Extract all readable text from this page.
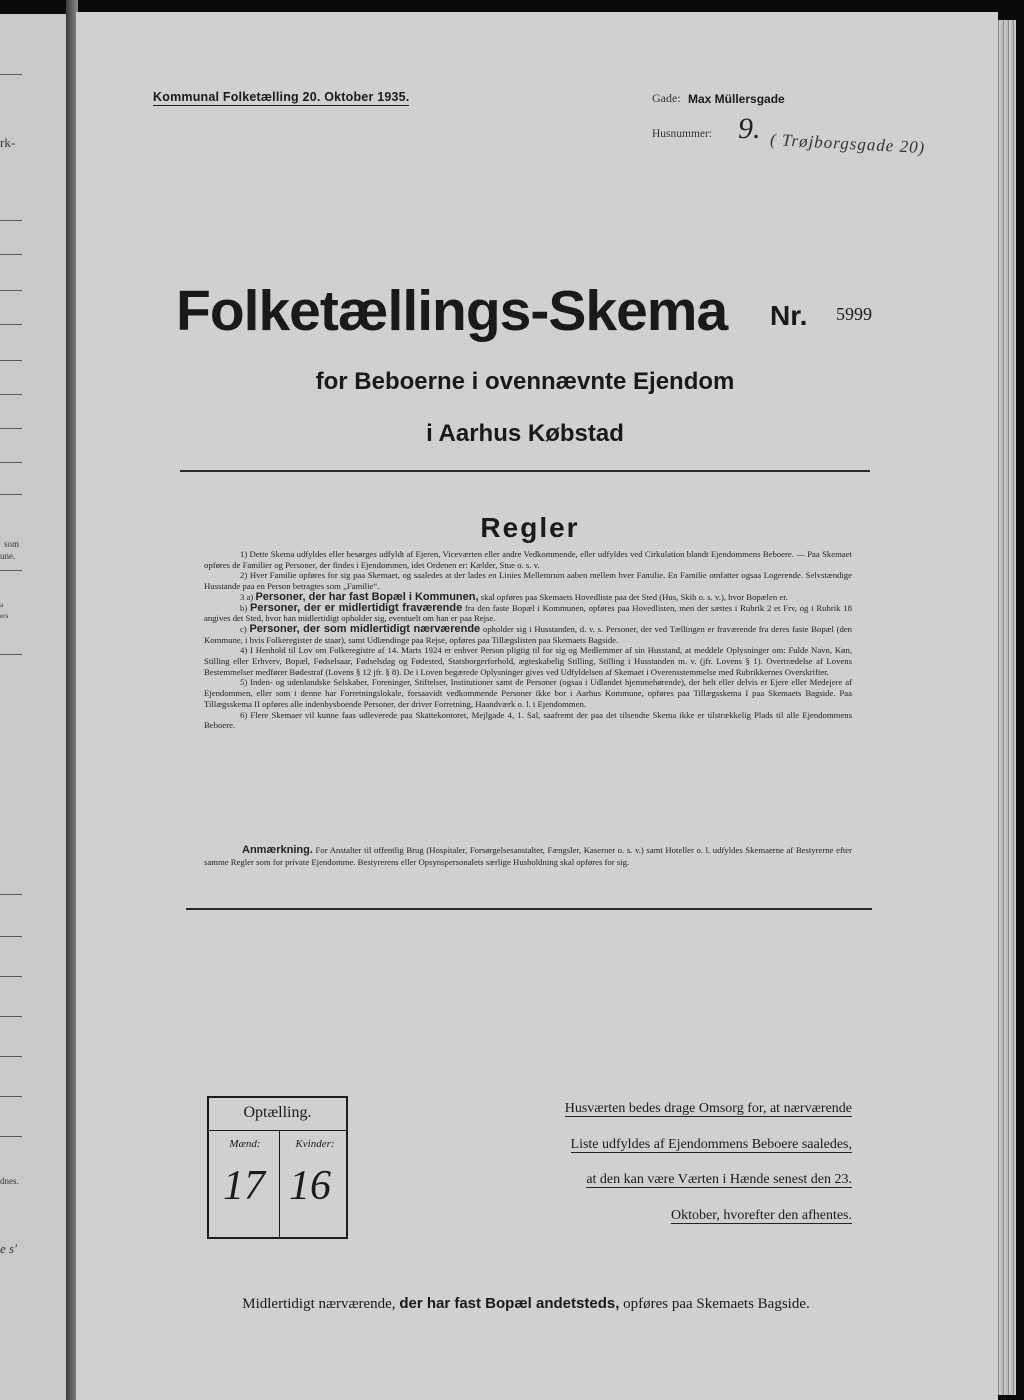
rk-
som
une.
a
ers
dnes.
e s'
Kommunal Folketælling 20. Oktober 1935.	Gade: Max Müllersgade
Husnummer: 9. ( Trøjborgsgade 20)
Folketællings-Skema Nr. 5999
for Beboerne i ovennævnte Ejendom
i Aarhus Købstad
Regler

1) Dette Skema udfyldes eller besørges udfyldt af Ejeren, Viceværten eller andre Vedkommende, eller udfyldes ved Cirkulation blandt Ejendommens Beboere. — Paa Skemaet opføres de Familier og Personer, der findes i Ejendommen, idet Ordenen er: Kælder, Stue o. s. v.

2) Hver Familie opføres for sig paa Skemaet, og saaledes at der lades en Linies Mellemrum aaben mellem hver Familie. En Familie omfatter ogsaa Logerende. Selvstændige Husstande paa en Person betragtes som „Familie“.

3 a) Personer, der har fast Bopæl i Kommunen, skal opføres paa Skemaets Hovedliste paa det Sted (Hus, Skib o. s. v.), hvor Bopælen er.

b) Personer, der er midlertidigt fraværende fra den faste Bopæl i Kommunen, opføres paa Hovedlisten, men der sættes i Rubrik 2 et Frv, og i Rubrik 18 angives det Sted, hvor han midlertidigt opholder sig, eventuelt om han er paa Rejse.

c) Personer, der som midlertidigt nærværende opholder sig i Husstanden, d. v. s. Personer, der ved Tællingen er fraværende fra deres faste Bopæl (den Kommune, i hvis Folkeregister de staar), samt Udlændinge paa Rejse, opføres paa Tillægslisten paa Skemaets Bagside.

4) I Henhold til Lov om Folkeregistre af 14. Marts 1924 er enhver Person pligtig til for sig og Medlemmer af sin Husstand, at meddele Oplysninger om: Fulde Navn, Køn, Stilling eller Erhverv, Bopæl, Fødselsaar, Fødselsdag og Fødested, Statsborgerforhold, ægteskabelig Stilling, Stilling i Husstanden m. v. (jfr. Lovens § 1). Overtrædelse af Lovens Bestemmelser medfører Bødestraf (Lovens § 12 jfr. § 8). De i Loven begærede Oplysninger gives ved Udfyldelsen af Skemaet i Overensstemmelse med Rubrikkernes Overskrifter.

5) Inden- og udenlandske Selskaber, Foreninger, Stiftelser, Institutioner samt de Personer (ogsaa i Udlandet hjemmehørende), der helt eller delvis er Ejere eller Medejere af Ejendommen, eller som i denne har Forretningslokale, forsaavidt vedkommende Personer ikke bor i Aarhus Kommune, opføres paa Tillægsskema I paa Skemaets Bagside. Paa Tillægsskema II opføres alle indenbysboende Personer, der driver Forretning, Haandværk o. l. i Ejendommen.

6) Flere Skemaer vil kunne faas udleverede paa Skattekontoret, Mejlgade 4, 1. Sal, saafremt der paa det tilsendte Skema ikke er tilstrækkelig Plads til alle Ejendommens Beboere.

Anmærkning. For Anstalter til offentlig Brug (Hospitaler, Forsørgelsesanstalter, Fængsler, Kaserner o. s. v.) samt Hoteller o. l. udfyldes Skemaerne af Bestyrerne efter samme Regler som for private Ejendomme. Bestyrerens eller Opsynspersonalets særlige Husholdning skal opføres for sig.

Optælling.
Mænd:	Kvinder:
17 16
Husværten bedes drage Omsorg for, at nærværende
Liste udfyldes af Ejendommens Beboere saaledes,
at den kan være Værten i Hænde senest den 23.
Oktober, hvorefter den afhentes.
Midlertidigt nærværende, der har fast Bopæl andetsteds, opføres paa Skemaets Bagside.
